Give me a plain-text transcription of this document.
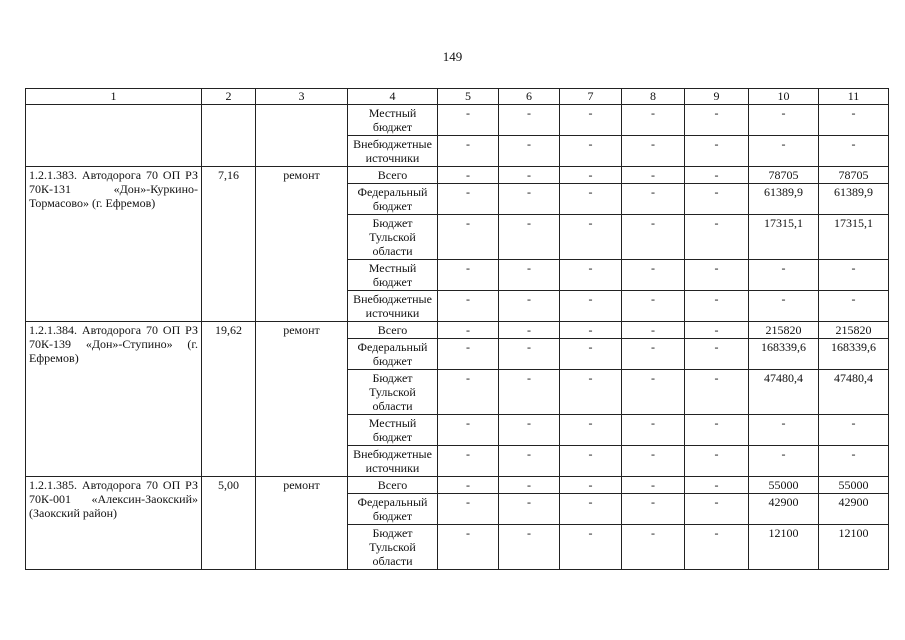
149
1	2	3	4	5	6	7	8	9	10	11
			Местный бюджет	-	-	-	-	-	-	-
			Внебюджетные источники	-	-	-	-	-	-	-
1.2.1.383. Автодорога 70 ОП РЗ 70К-131 «Дон»-Куркино-Тормасово» (г. Ефремов)	7,16	ремонт	Всего	-	-	-	-	-	78705	78705
			Федеральный бюджет	-	-	-	-	-	61389,9	61389,9
			Бюджет Тульской области	-	-	-	-	-	17315,1	17315,1
			Местный бюджет	-	-	-	-	-	-	-
			Внебюджетные источники	-	-	-	-	-	-	-
1.2.1.384. Автодорога 70 ОП РЗ 70К-139 «Дон»-Ступино» (г. Ефремов)	19,62	ремонт	Всего	-	-	-	-	-	215820	215820
			Федеральный бюджет	-	-	-	-	-	168339,6	168339,6
			Бюджет Тульской области	-	-	-	-	-	47480,4	47480,4
			Местный бюджет	-	-	-	-	-	-	-
			Внебюджетные источники	-	-	-	-	-	-	-
1.2.1.385. Автодорога 70 ОП РЗ 70К-001 «Алексин-Заокский» (Заокский район)	5,00	ремонт	Всего	-	-	-	-	-	55000	55000
			Федеральный бюджет	-	-	-	-	-	42900	42900
			Бюджет Тульской области	-	-	-	-	-	12100	12100
